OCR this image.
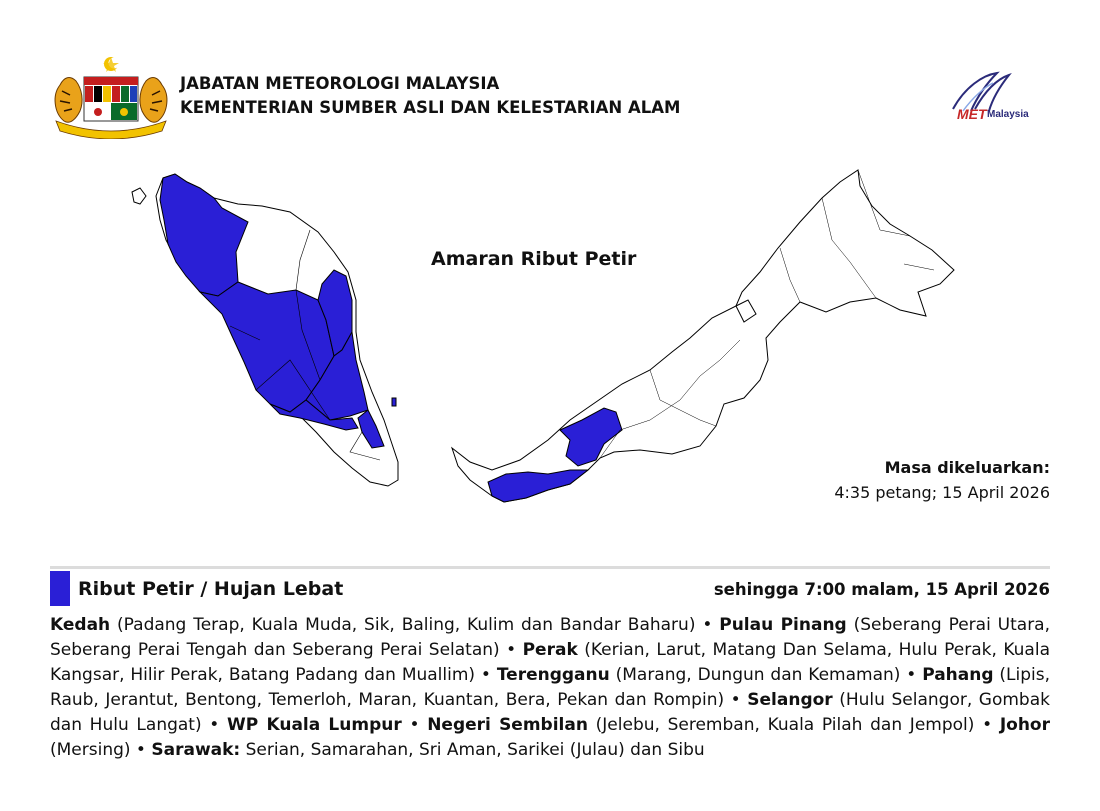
JABATAN METEOROLOGI MALAYSIA
KEMENTERIAN SUMBER ASLI DAN KELESTARIAN ALAM	MET Malaysia
Amaran Ribut Petir
Masa dikeluarkan:
4:35 petang; 15 April 2026
Ribut Petir / Hujan Lebat	sehingga 7:00 malam, 15 April 2026
Kedah (Padang Terap, Kuala Muda, Sik, Baling, Kulim dan Bandar Baharu) • Pulau Pinang (Seberang Perai Utara, Seberang Perai Tengah dan Seberang Perai Selatan) • Perak (Kerian, Larut, Matang Dan Selama, Hulu Perak, Kuala Kangsar, Hilir Perak, Batang Padang dan Muallim) • Terengganu (Marang, Dungun dan Kemaman) • Pahang (Lipis, Raub, Jerantut, Bentong, Temerloh, Maran, Kuantan, Bera, Pekan dan Rompin) • Selangor (Hulu Selangor, Gombak dan Hulu Langat) • WP Kuala Lumpur • Negeri Sembilan (Jelebu, Seremban, Kuala Pilah dan Jempol) • Johor (Mersing) • Sarawak: Serian, Samarahan, Sri Aman, Sarikei (Julau) dan Sibu
